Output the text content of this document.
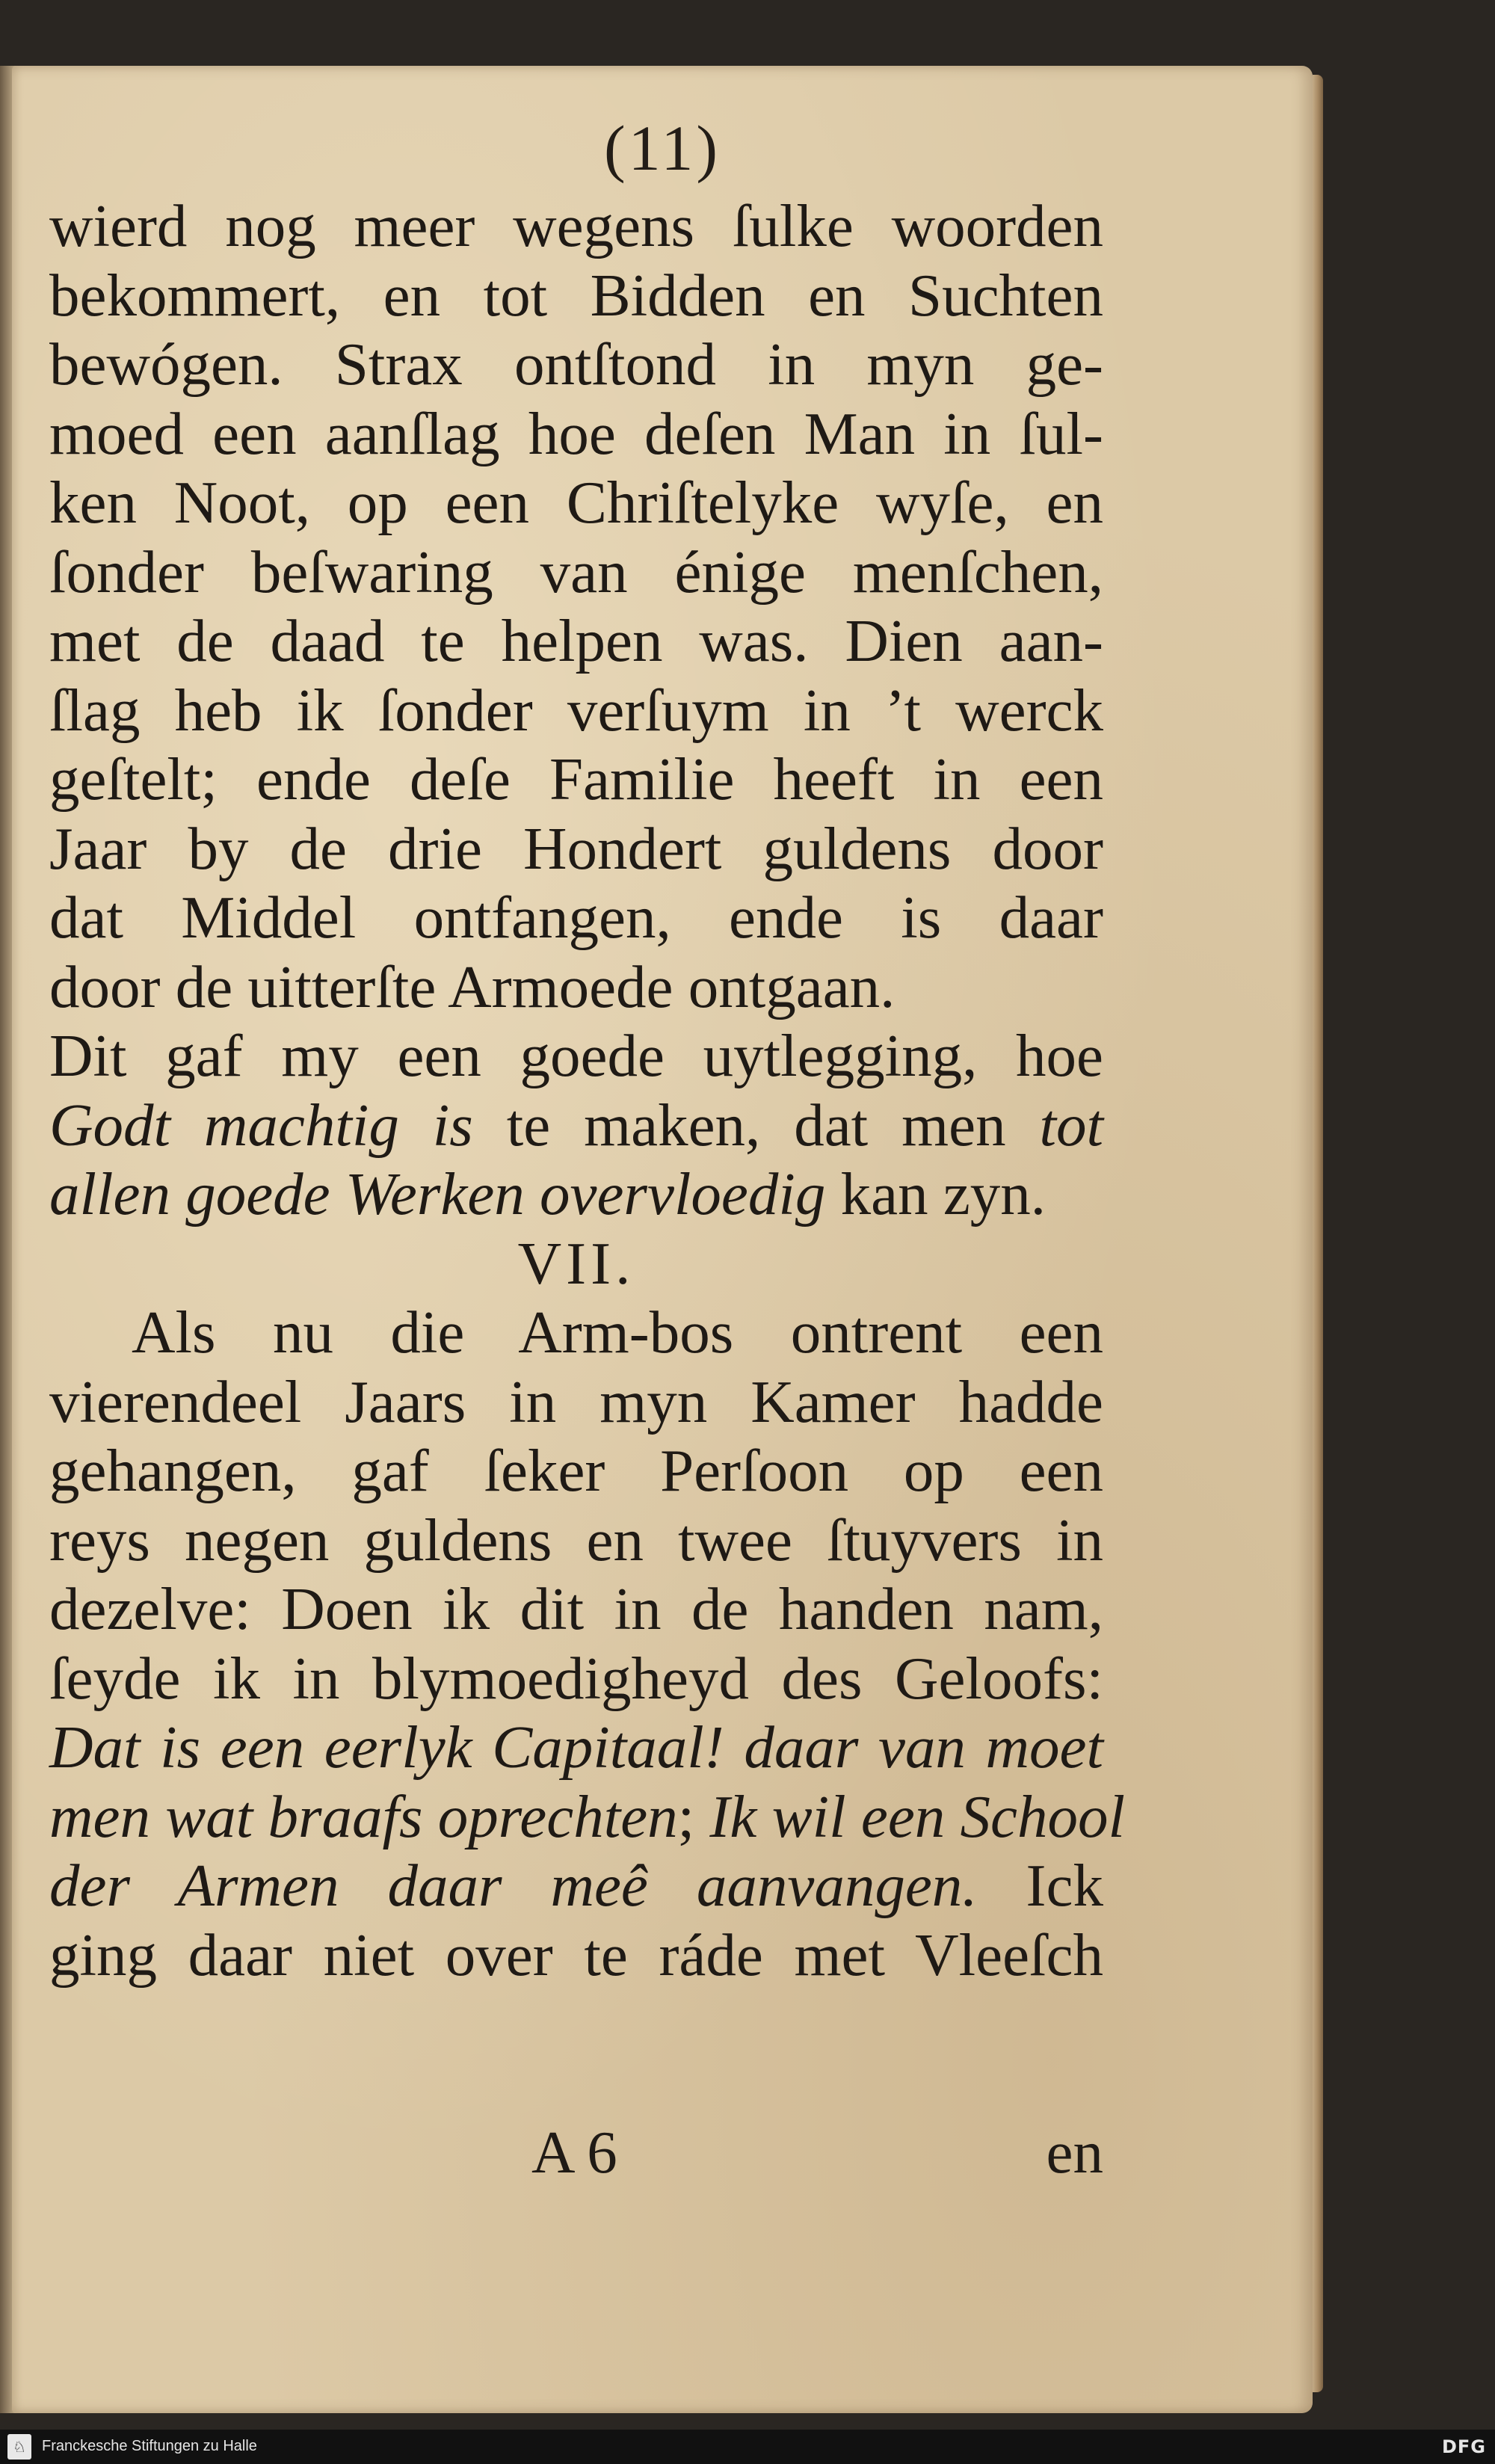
(11)
wierd nog meer wegens ſulke woorden
bekommert, en tot Bidden en Suchten
bewógen. Strax ontſtond in myn ge-
moed een aanſlag hoe deſen Man in ſul-
ken Noot, op een Chriſtelyke wyſe, en
ſonder beſwaring van énige menſchen,
met de daad te helpen was. Dien aan-
ſlag heb ik ſonder verſuym in ’t werck
geſtelt; ende deſe Familie heeft in een
Jaar by de drie Hondert guldens door
dat Middel ontfangen, ende is daar
door de uitterſte Armoede ontgaan.
Dit gaf my een goede uytlegging, hoe
Godt machtig is te maken, dat men tot
allen goede Werken overvloedig kan zyn.
VII.
Als nu die Arm-bos ontrent een
vierendeel Jaars in myn Kamer hadde
gehangen, gaf ſeker Perſoon op een
reys negen guldens en twee ſtuyvers in
dezelve: Doen ik dit in de handen nam,
ſeyde ik in blymoedigheyd des Geloofs:
Dat is een eerlyk Capitaal! daar van moet
men wat braafs oprechten; Ik wil een School
der Armen daar meê aanvangen. Ick
ging daar niet over te ráde met Vleeſch
A 6	en
♘	Franckesche Stiftungen zu Halle	DFG
